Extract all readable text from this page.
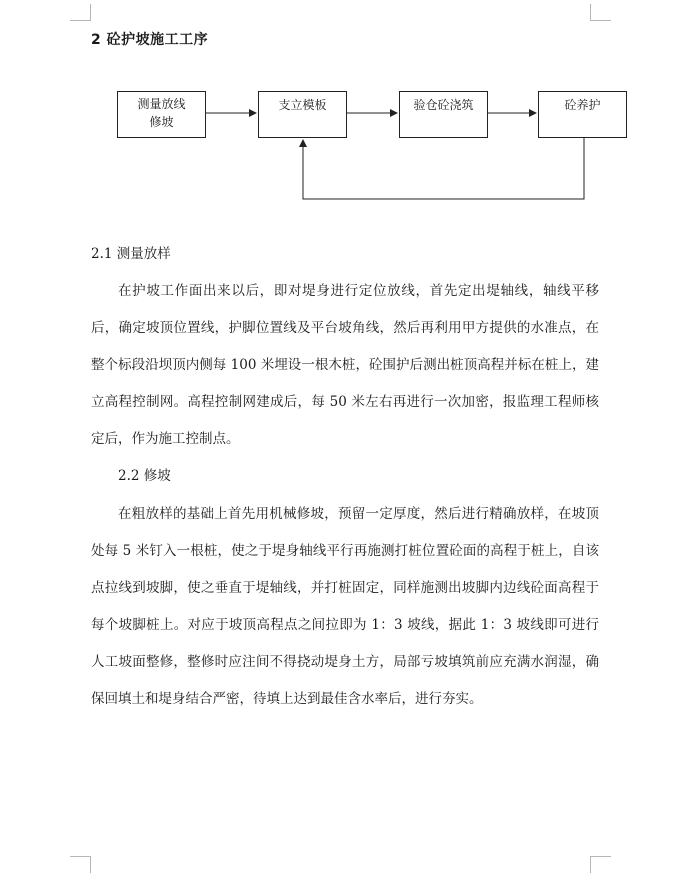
2 砼护坡施工工序
测量放线
修坡
支立模板	验仓砼浇筑	砼养护
2.1 测量放样
在护坡工作面出来以后，即对堤身进行定位放线，首先定出堤轴线，轴线平移后，确定坡顶位置线，护脚位置线及平台坡角线，然后再利用甲方提供的水准点，在整个标段沿坝顶内侧每 100 米埋设一根木桩，砼围护后测出桩顶高程并标在桩上，建立高程控制网。高程控制网建成后，每 50 米左右再进行一次加密，报监理工程师核定后，作为施工控制点。
2.2 修坡
在粗放样的基础上首先用机械修坡，预留一定厚度，然后进行精确放样，在坡顶处每 5 米钉入一根桩，使之于堤身轴线平行再施测打桩位置砼面的高程于桩上，自该点拉线到坡脚，使之垂直于堤轴线，并打桩固定，同样施测出坡脚内边线砼面高程于每个坡脚桩上。对应于坡顶高程点之间拉即为 1：3 坡线，据此 1：3 坡线即可进行人工坡面整修，整修时应注间不得挠动堤身土方，局部亏坡填筑前应充满水润湿，确保回填土和堤身结合严密，待填上达到最佳含水率后，进行夯实。
